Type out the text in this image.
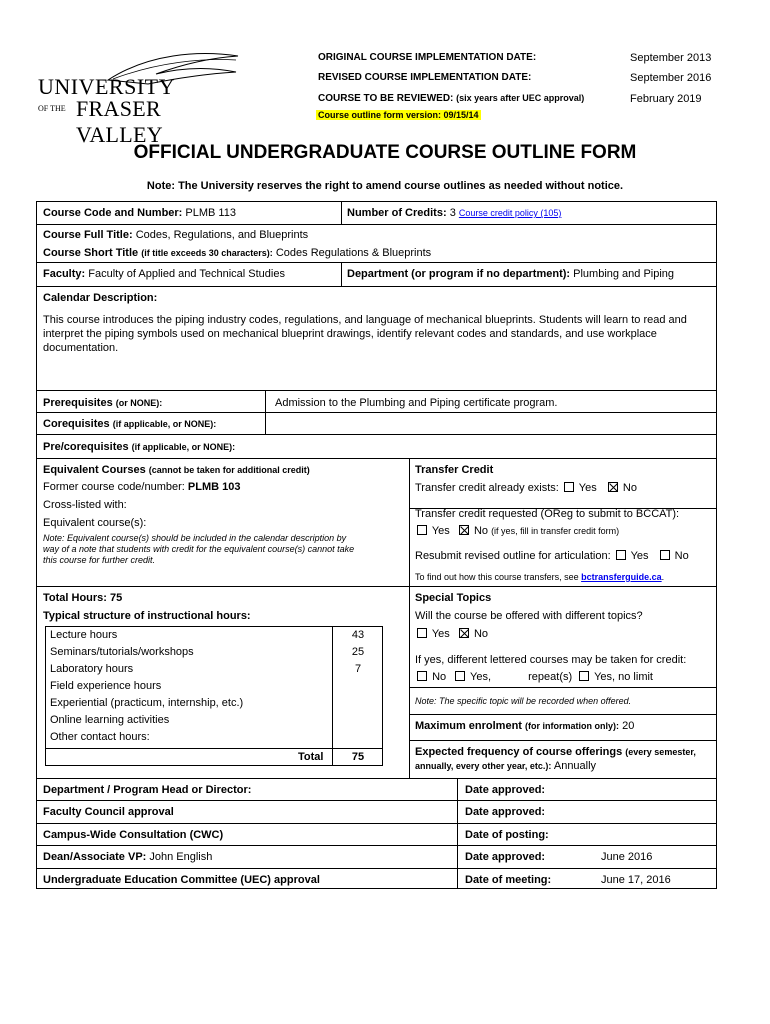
UNIVERSITY
OF THE FRASER VALLEY
ORIGINAL COURSE IMPLEMENTATION DATE:	September 2013
REVISED COURSE IMPLEMENTATION DATE:	September 2016
COURSE TO BE REVIEWED: (six years after UEC approval)	February 2019
Course outline form version: 09/15/14
OFFICIAL UNDERGRADUATE COURSE OUTLINE FORM
Note: The University reserves the right to amend course outlines as needed without notice.
Course Code and Number: PLMB 113	Number of Credits: 3 Course credit policy (105)
Course Full Title: Codes, Regulations, and Blueprints
Course Short Title (if title exceeds 30 characters): Codes Regulations & Blueprints
Faculty: Faculty of Applied and Technical Studies	Department (or program if no department): Plumbing and Piping
Calendar Description:
This course introduces the piping industry codes, regulations, and language of mechanical blueprints. Students will learn to read and
interpret the piping symbols used on mechanical blueprint drawings, identify relevant codes and standards, and use workplace
documentation.
Prerequisites (or NONE):	Admission to the Plumbing and Piping certificate program.
Corequisites (if applicable, or NONE):
Pre/corequisites (if applicable, or NONE):
Equivalent Courses (cannot be taken for additional credit)
Former course code/number: PLMB 103
Cross-listed with:
Equivalent course(s):
Note: Equivalent course(s) should be included in the calendar description by
way of a note that students with credit for the equivalent course(s) cannot take
this course for further credit.
Transfer Credit
Transfer credit already exists: Yes No
Transfer credit requested (OReg to submit to BCCAT):
Yes No (if yes, fill in transfer credit form)
Resubmit revised outline for articulation: Yes No
To find out how this course transfers, see bctransferguide.ca.
Total Hours: 75
Typical structure of instructional hours:
Lecture hours	43
Seminars/tutorials/workshops	25
Laboratory hours	7
Field experience hours
Experiential (practicum, internship, etc.)
Online learning activities
Other contact hours:
Total	75
Special Topics
Will the course be offered with different topics?
Yes No
If yes, different lettered courses may be taken for credit:
No Yes,	repeat(s) Yes, no limit
Note: The specific topic will be recorded when offered.
Maximum enrolment (for information only): 20
Expected frequency of course offerings (every semester,
annually, every other year, etc.): Annually
Department / Program Head or Director:	Date approved:
Faculty Council approval	Date approved:
Campus-Wide Consultation (CWC)	Date of posting:
Dean/Associate VP: John English	Date approved:	June 2016
Undergraduate Education Committee (UEC) approval	Date of meeting:	June 17, 2016
